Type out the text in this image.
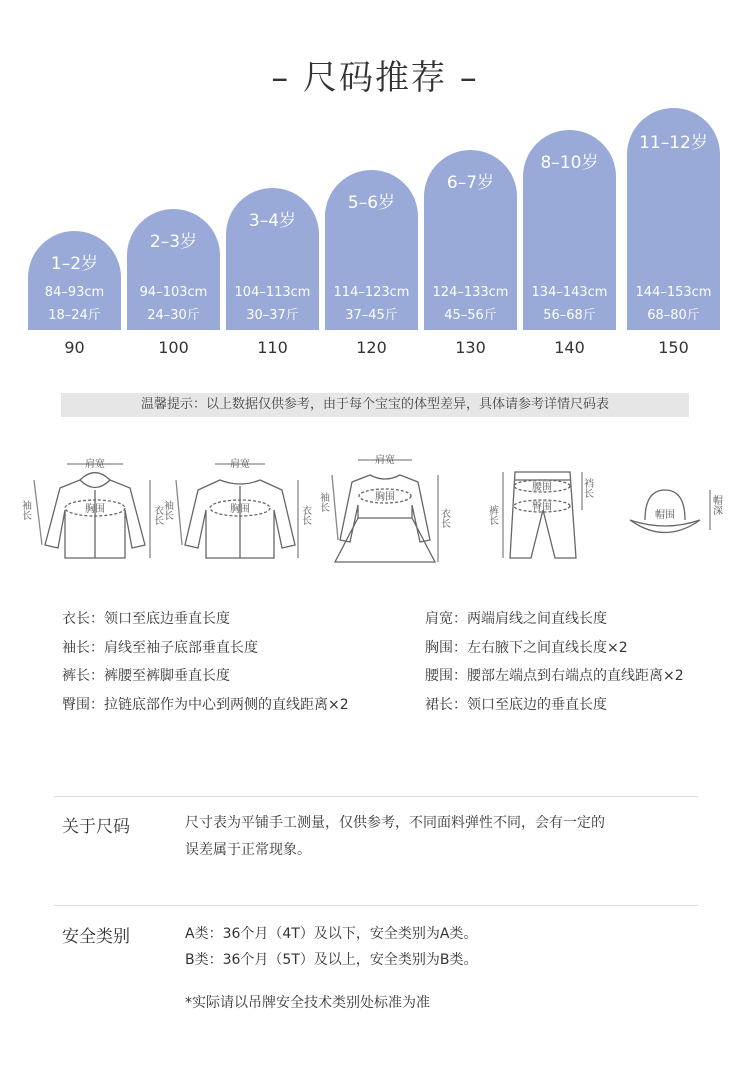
– 尺码推荐 –
1–2岁
84–93cm
18–24斤
2–3岁
94–103cm
24–30斤
3–4岁
104–113cm
30–37斤
5–6岁
114–123cm
37–45斤
6–7岁
124–133cm
45–56斤
8–10岁
134–143cm
56–68斤
11–12岁
144–153cm
68–80斤
90	100	110	120	130	140	150
温馨提示：以上数据仅供参考，由于每个宝宝的体型差异，具体请参考详情尺码表
肩宽
胸围	衣长
袖长
肩宽
胸围	衣长
袖长
肩宽
胸围
衣长
袖长
腰围
臀围
裤长
裆长
帽围
帽深
衣长：领口至底边垂直长度
袖长：肩线至袖子底部垂直长度
裤长：裤腰至裤脚垂直长度
臀围：拉链底部作为中心到两侧的直线距离×2
肩宽：两端肩线之间直线长度
胸围：左右腋下之间直线长度×2
腰围：腰部左端点到右端点的直线距离×2
裙长：领口至底边的垂直长度
关于尺码	尺寸表为平铺手工测量，仅供参考，不同面料弹性不同，会有一定的
误差属于正常现象。
安全类别	A类：36个月（4T）及以下，安全类别为A类。
B类：36个月（5T）及以上，安全类别为B类。
*实际请以吊牌安全技术类别处标准为准
